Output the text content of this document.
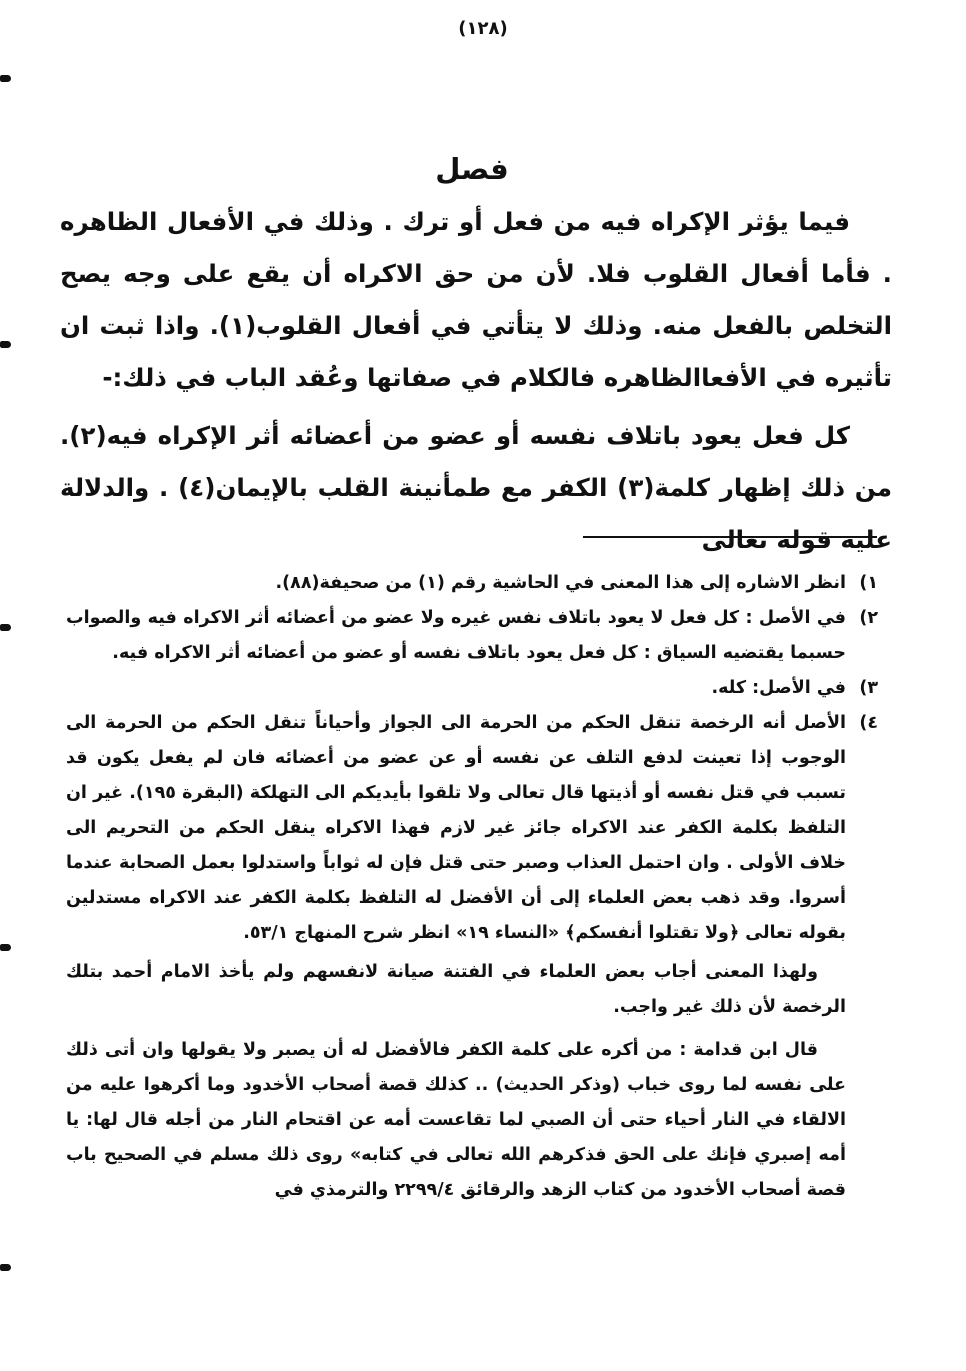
(١٢٨)
فصل

فيما يؤثر الإكراه فيه من فعل أو ترك . وذلك في الأفعال الظاهره . فأما أفعال القلوب فلا. لأن من حق الاكراه أن يقع على وجه يصح التخلص بالفعل منه. وذلك لا يتأتي في أفعال القلوب(١). واذا ثبت ان تأثيره في الأفعاالظاهره فالكلام في صفاتها وعُقد الباب في ذلك:-

كل فعل يعود باتلاف نفسه أو عضو من أعضائه أثر الإكراه فيه(٢). من ذلك إظهار كلمة(٣) الكفر مع طمأنينة القلب بالإيمان(٤) . والدلالة عليه قوله تعالى

١)
انظر الاشاره إلى هذا المعنى في الحاشية رقم (١) من صحيفة(٨٨).
٢)
في الأصل : كل فعل لا يعود باتلاف نفس غيره ولا عضو من أعضائه أثر الاكراه فيه والصواب حسبما يقتضيه السياق : كل فعل يعود باتلاف نفسه أو عضو من أعضائه أثر الاكراه فيه.
٣)
في الأصل: كله.
٤)
الأصل أنه الرخصة تنقل الحكم من الحرمة الى الجواز وأحياناً تنقل الحكم من الحرمة الى الوجوب إذا تعينت لدفع التلف عن نفسه أو عن عضو من أعضائه فان لم يفعل يكون قد تسبب في قتل نفسه أو أذيتها قال تعالى ولا تلقوا بأيديكم الى التهلكة (البقرة ١٩٥). غير ان التلفظ بكلمة الكفر عند الاكراه جائز غير لازم فهذا الاكراه ينقل الحكم من التحريم الى خلاف الأولى . وان احتمل العذاب وصبر حتى قتل فإن له ثواباً واستدلوا بعمل الصحابة عندما أسروا. وقد ذهب بعض العلماء إلى أن الأفضل له التلفظ بكلمة الكفر عند الاكراه مستدلين بقوله تعالى ﴿ولا تقتلوا أنفسكم﴾ «النساء ١٩» انظر شرح المنهاج ٥٣/١.

ولهذا المعنى أجاب بعض العلماء في الفتنة صيانة لانفسهم ولم يأخذ الامام أحمد بتلك الرخصة لأن ذلك غير واجب.

قال ابن قدامة : من أكره على كلمة الكفر فالأفضل له أن يصبر ولا يقولها وان أتى ذلك على نفسه لما روى خباب (وذكر الحديث) .. كذلك قصة أصحاب الأخدود وما أكرهوا عليه من الالقاء في النار أحياء حتى أن الصبي لما تقاعست أمه عن اقتحام النار من أجله قال لها: يا أمه إصبري فإنك على الحق فذكرهم الله تعالى في كتابه» روى ذلك مسلم في الصحيح باب قصة أصحاب الأخدود من كتاب الزهد والرقائق ٢٢٩٩/٤ والترمذي في
